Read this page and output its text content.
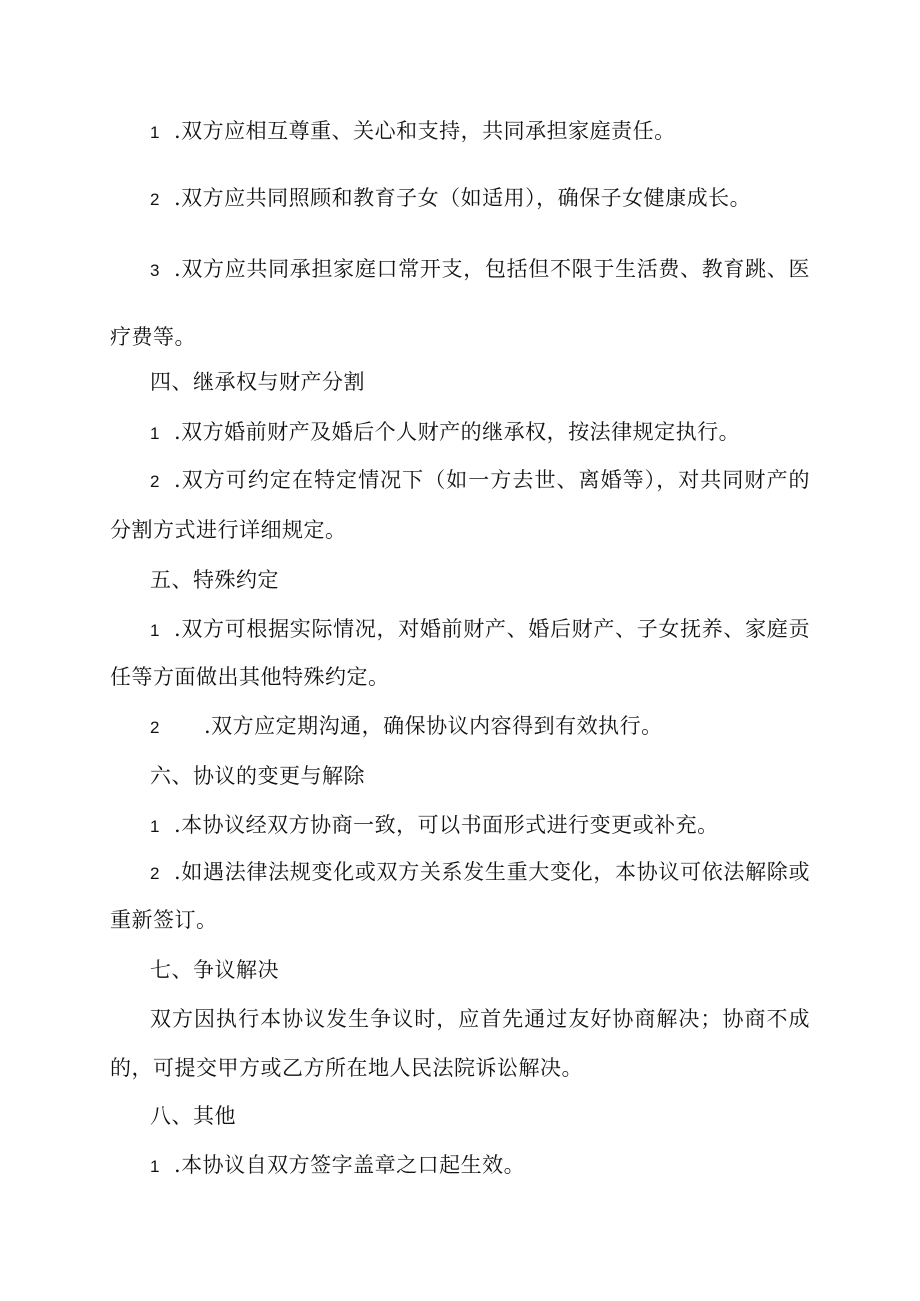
1 .双方应相互尊重、关心和支持，共同承担家庭责任。
2 .双方应共同照顾和教育子女（如适用），确保子女健康成长。
3 .双方应共同承担家庭口常开支，包括但不限于生活费、教育跳、医
疗费等。
四、继承权与财产分割
1 .双方婚前财产及婚后个人财产的继承权，按法律规定执行。
2 .双方可约定在特定情况下（如一方去世、离婚等），对共同财产的
分割方式进行详细规定。
五、特殊约定
1 .双方可根据实际情况，对婚前财产、婚后财产、子女抚养、家庭贡
任等方面做出其他特殊约定。
2 .双方应定期沟通，确保协议内容得到有效执行。
六、协议的变更与解除
1 .本协议经双方协商一致，可以书面形式进行变更或补充。
2 .如遇法律法规变化或双方关系发生重大变化，本协议可依法解除或
重新签订。
七、争议解决
双方因执行本协议发生争议时，应首先通过友好协商解决；协商不成
的，可提交甲方或乙方所在地人民法院诉讼解决。
八、其他
1 .本协议自双方签字盖章之口起生效。
